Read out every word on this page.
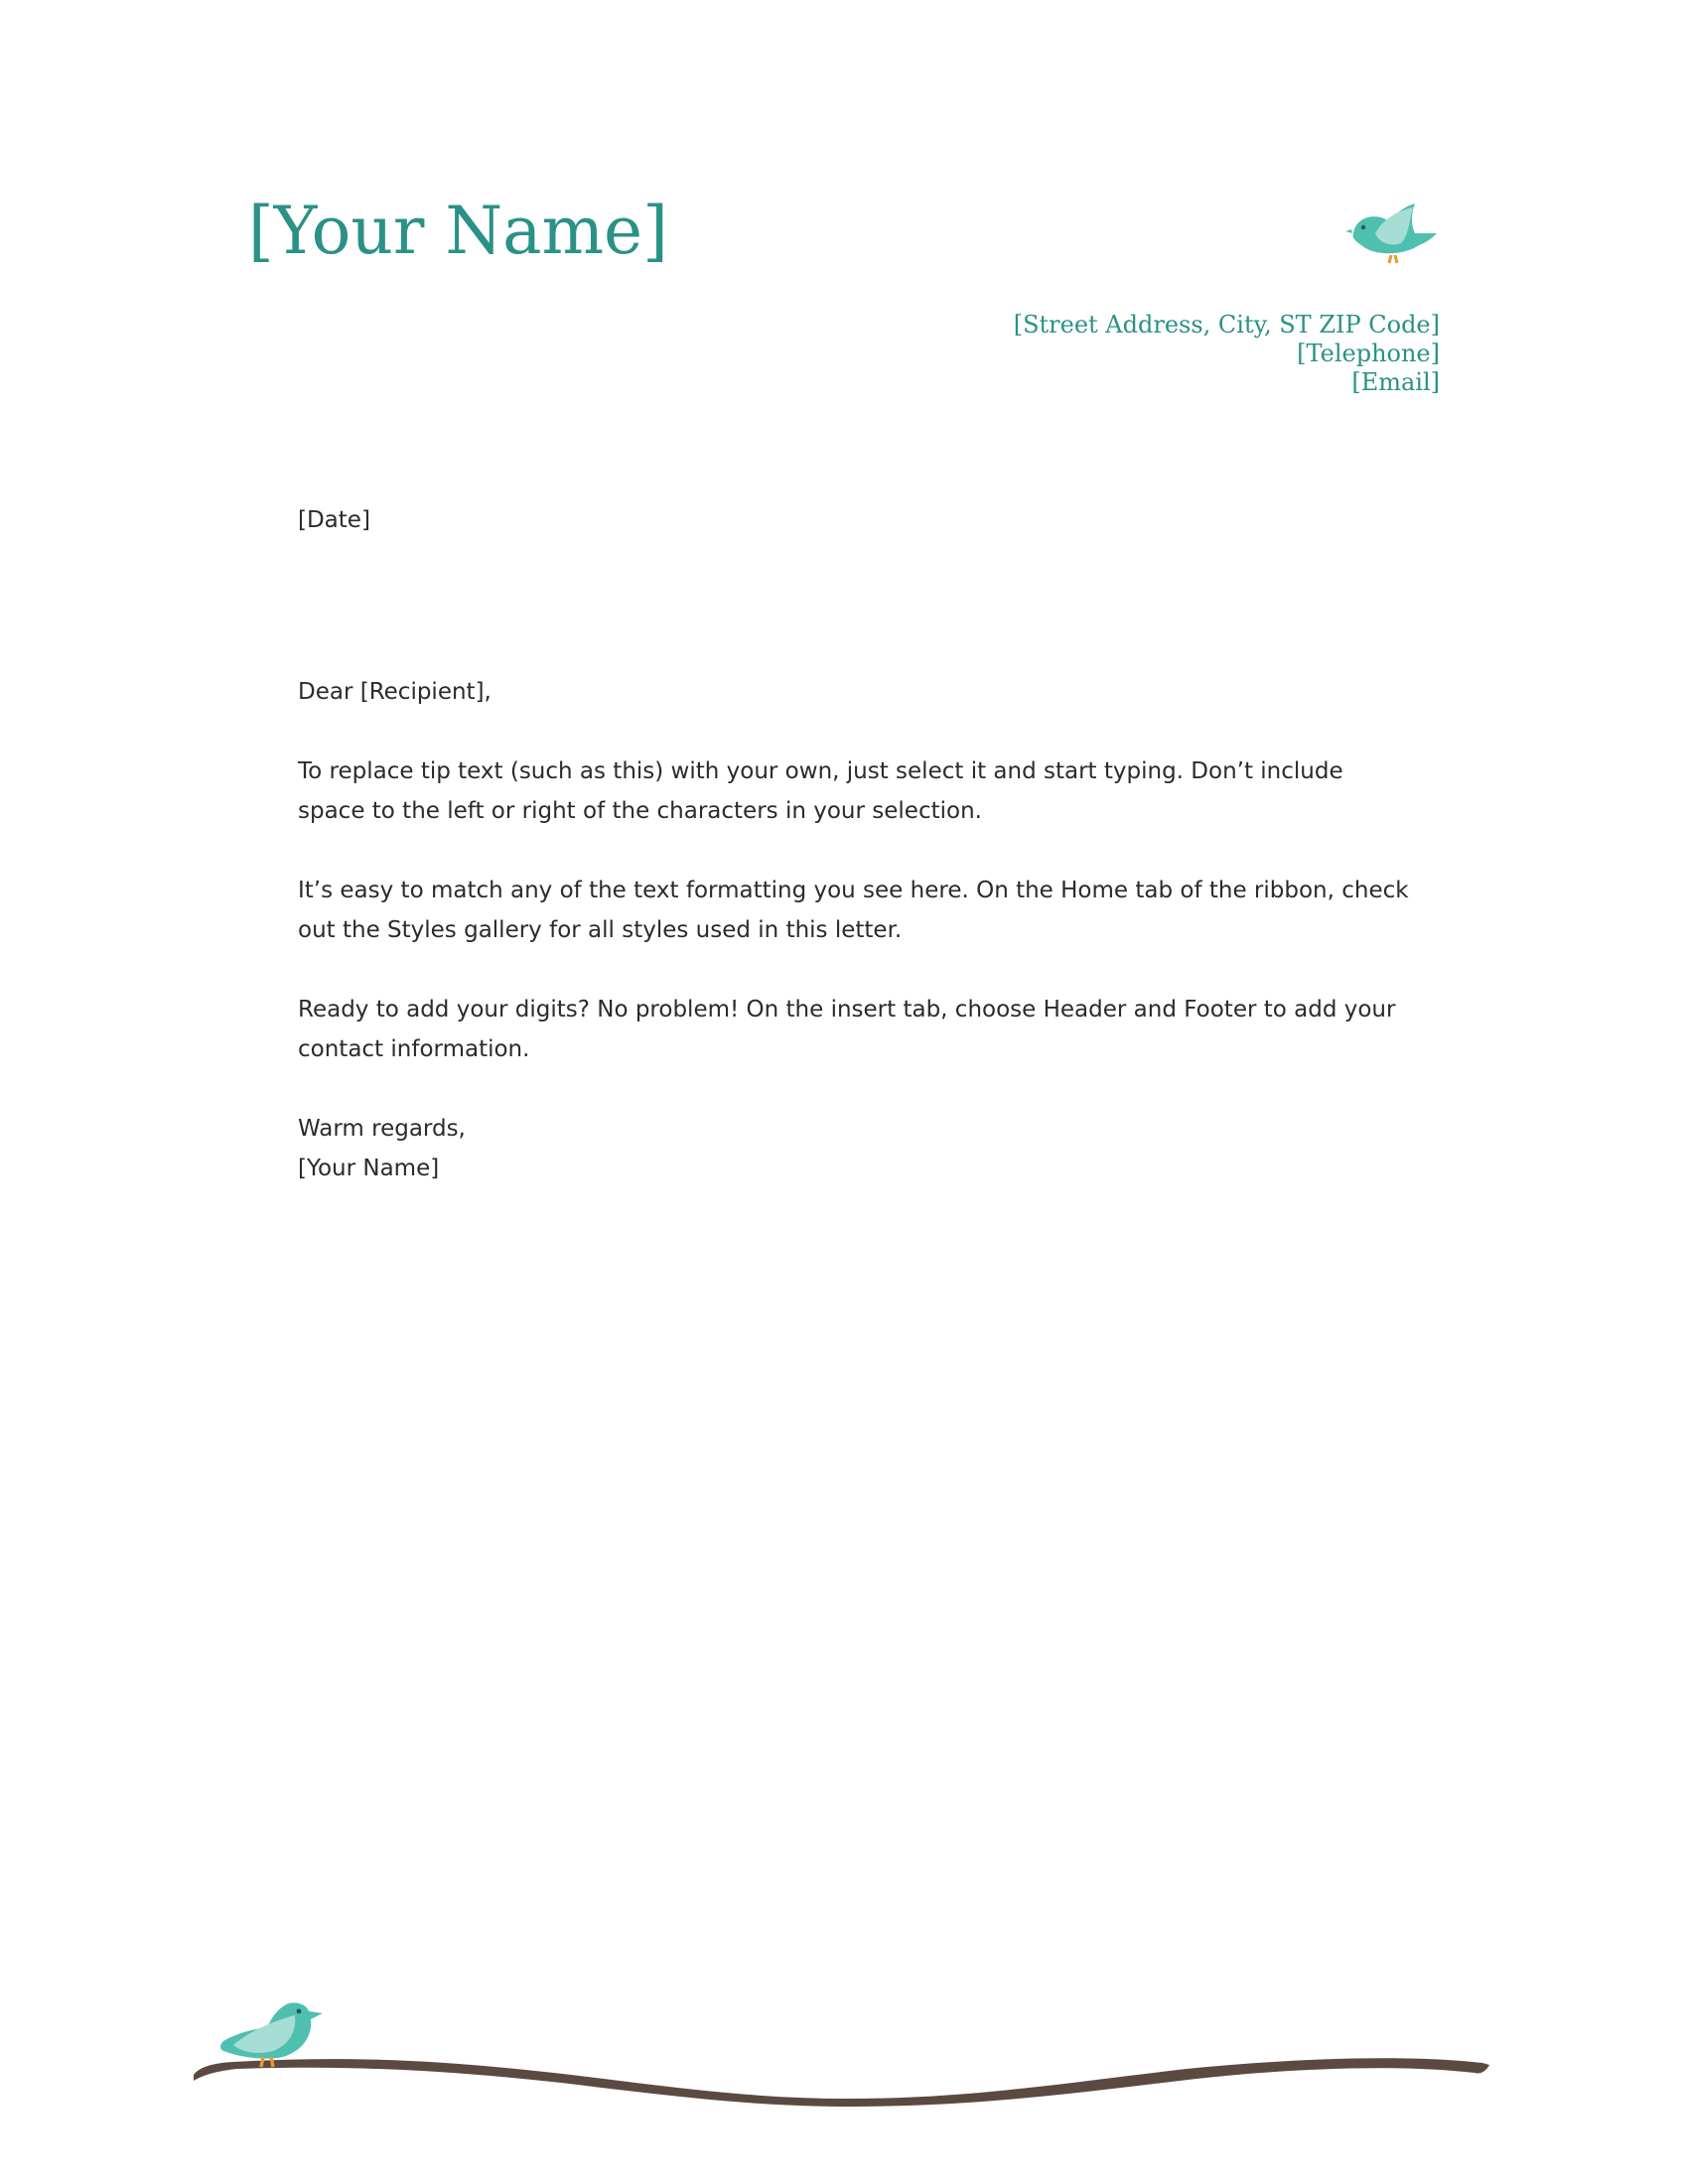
[Your Name]
[Street Address, City, ST ZIP Code]
[Telephone]
[Email]

[Date]

Dear [Recipient],

To replace tip text (such as this) with your own, just select it and start typing. Don’t include space to the left or right of the characters in your selection.

It’s easy to match any of the text formatting you see here. On the Home tab of the ribbon, check out the Styles gallery for all styles used in this letter.

Ready to add your digits? No problem! On the insert tab, choose Header and Footer to add your contact information.

Warm regards,

[Your Name]
